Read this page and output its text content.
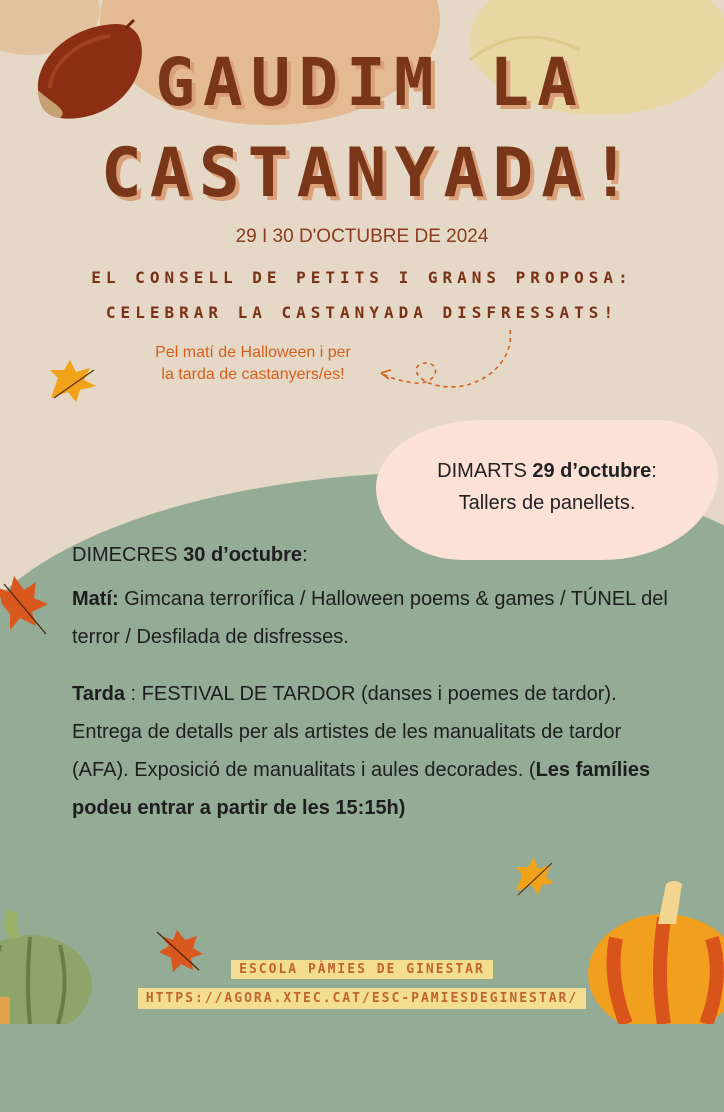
GAUDIM LA
CASTANYADA!
29 I 30 D'OCTUBRE DE 2024
EL CONSELL DE PETITS I GRANS PROPOSA:
CELEBRAR LA CASTANYADA DISFRESSATS!
Pel matí de Halloween i per
la tarda de castanyers/es!
DIMARTS 29 d’octubre:
Tallers de panellets.
DIMECRES 30 d’octubre:
Matí: Gimcana terrorífica / Halloween poems & games / TÚNEL del terror / Desfilada de disfresses.
Tarda : FESTIVAL DE TARDOR (danses i poemes de tardor). Entrega de detalls per als artistes de les manualitats de tardor (AFA). Exposició de manualitats i aules decorades. (Les famílies podeu entrar a partir de les 15:15h)
ESCOLA PÀMIES DE GINESTAR
HTTPS://AGORA.XTEC.CAT/ESC-PAMIESDEGINESTAR/
